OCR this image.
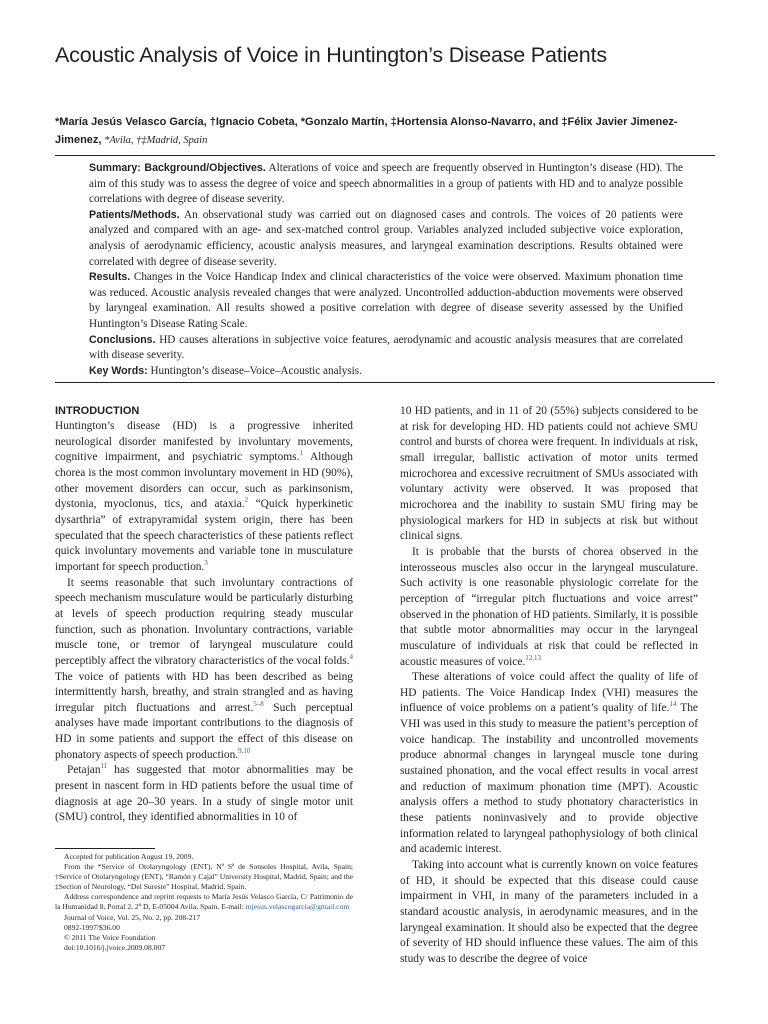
Acoustic Analysis of Voice in Huntington’s Disease Patients

*María Jesús Velasco García, †Ignacio Cobeta, *Gonzalo Martín, ‡Hortensia Alonso-Navarro, and ‡Félix Javier Jimenez-Jimenez, *Avila, †‡Madrid, Spain

Summary: Background/Objectives. Alterations of voice and speech are frequently observed in Huntington’s disease (HD). The aim of this study was to assess the degree of voice and speech abnormalities in a group of patients with HD and to analyze possible correlations with degree of disease severity.

Patients/Methods. An observational study was carried out on diagnosed cases and controls. The voices of 20 patients were analyzed and compared with an age- and sex-matched control group. Variables analyzed included subjective voice exploration, analysis of aerodynamic efficiency, acoustic analysis measures, and laryngeal examination descriptions. Results obtained were correlated with degree of disease severity.

Results. Changes in the Voice Handicap Index and clinical characteristics of the voice were observed. Maximum phonation time was reduced. Acoustic analysis revealed changes that were analyzed. Uncontrolled adduction-abduction movements were observed by laryngeal examination. All results showed a positive correlation with degree of disease severity assessed by the Unified Huntington’s Disease Rating Scale.

Conclusions. HD causes alterations in subjective voice features, aerodynamic and acoustic analysis measures that are correlated with disease severity.

Key Words: Huntington’s disease–Voice–Acoustic analysis.

INTRODUCTION

Huntington’s disease (HD) is a progressive inherited neurological disorder manifested by involuntary movements, cognitive impairment, and psychiatric symptoms.$^1$ Although chorea is the most common involuntary movement in HD (90%), other movement disorders can occur, such as parkinsonism, dystonia, myoclonus, tics, and ataxia.$^2$ “Quick hyperkinetic dysarthria” of extrapyramidal system origin, there has been speculated that the speech characteristics of these patients reflect quick involuntary movements and variable tone in musculature important for speech production.$^3$

It seems reasonable that such involuntary contractions of speech mechanism musculature would be particularly disturbing at levels of speech production requiring steady muscular function, such as phonation. Involuntary contractions, variable muscle tone, or tremor of laryngeal musculature could perceptibly affect the vibratory characteristics of the vocal folds.$^4$ The voice of patients with HD has been described as being intermittently harsh, breathy, and strain strangled and as having irregular pitch fluctuations and arrest.$^{5-8}$ Such perceptual analyses have made important contributions to the diagnosis of HD in some patients and support the effect of this disease on phonatory aspects of speech production.$^{9,10}$

Petajan$^{11}$ has suggested that motor abnormalities may be present in nascent form in HD patients before the usual time of diagnosis at age 20–30 years. In a study of single motor unit (SMU) control, they identified abnormalities in 10 of

10 HD patients, and in 11 of 20 (55%) subjects considered to be at risk for developing HD. HD patients could not achieve SMU control and bursts of chorea were frequent. In individuals at risk, small irregular, ballistic activation of motor units termed microchorea and excessive recruitment of SMUs associated with voluntary activity were observed. It was proposed that microchorea and the inability to sustain SMU firing may be physiological markers for HD in subjects at risk but without clinical signs.

It is probable that the bursts of chorea observed in the interosseous muscles also occur in the laryngeal musculature. Such activity is one reasonable physiologic correlate for the perception of “irregular pitch fluctuations and voice arrest” observed in the phonation of HD patients. Similarly, it is possible that subtle motor abnormalities may occur in the laryngeal musculature of individuals at risk that could be reflected in acoustic measures of voice.$^{12,13}$

These alterations of voice could affect the quality of life of HD patients. The Voice Handicap Index (VHI) measures the influence of voice problems on a patient’s quality of life.$^{14}$ The VHI was used in this study to measure the patient’s perception of voice handicap. The instability and uncontrolled movements produce abnormal changes in laryngeal muscle tone during sustained phonation, and the vocal effect results in vocal arrest and reduction of maximum phonation time (MPT). Acoustic analysis offers a method to study phonatory characteristics in these patients noninvasively and to provide objective information related to laryngeal pathophysiology of both clinical and academic interest.

Taking into account what is currently known on voice features of HD, it should be expected that this disease could cause impairment in VHI, in many of the parameters included in a standard acoustic analysis, in aerodynamic measures, and in the laryngeal examination. It should also be expected that the degree of severity of HD should influence these values. The aim of this study was to describe the degree of voice

Accepted for publication August 19, 2009.

From the *Service of Otolaryngology (ENT), Nª Sª de Sonsoles Hospital, Avila, Spain; †Service of Otolaryngology (ENT), “Ramón y Cajal” University Hospital, Madrid, Spain; and the ‡Section of Neurology, “Del Sureste” Hospital, Madrid, Spain.

Address correspondence and reprint requests to María Jesús Velasco García, C/ Patrimonio de la Humanidad 8, Portal 2, 2º D, E-05004 Avila, Spain. E-mail: mjesus.velascogarcia@gmail.com

Journal of Voice, Vol. 25, No. 2, pp. 208-217

0892-1997/$36.00

© 2011 The Voice Foundation

doi:10.1016/j.jvoice.2009.08.007
